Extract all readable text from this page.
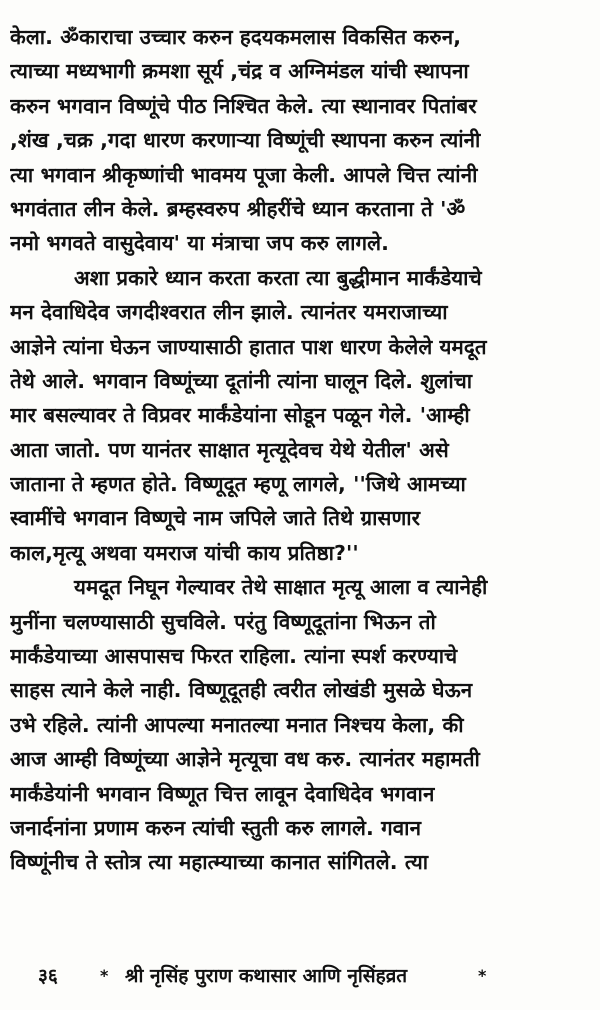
केला. ॐकाराचा उच्चार करुन हदयकमलास विकसित करुन,
त्याच्या मध्यभागी क्रमशा सूर्य ,चंद्र व अग्निमंडल यांची स्थापना
करुन भगवान विष्णूंचे पीठ निश्चित केले. त्या स्थानावर पितांबर
,शंख ,चक्र ,गदा धारण करणाऱ्या विष्णूंची स्थापना करुन त्यांनी
त्या भगवान श्रीकृष्णांची भावमय पूजा केली. आपले चित्त त्यांनी
भगवंतात लीन केले. ब्रम्हस्वरुप श्रीहरींचे ध्यान करताना ते 'ॐ
नमो भगवते वासुदेवाय' या मंत्राचा जप करु लागले.
अशा प्रकारे ध्यान करता करता त्या बुद्धीमान मार्कंडेयाचे
मन देवाधिदेव जगदीश्वरात लीन झाले. त्यानंतर यमराजाच्या
आज्ञेने त्यांना घेऊन जाण्यासाठी हातात पाश धारण केलेले यमदूत
तेथे आले. भगवान विष्णूंच्या दूतांनी त्यांना घालून दिले. शुलांचा
मार बसल्यावर ते विप्रवर मार्कंडेयांना सोडून पळून गेले. 'आम्ही
आता जातो. पण यानंतर साक्षात मृत्यूदेवच येथे येतील' असे
जाताना ते म्हणत होते. विष्णूदूत म्हणू लागले, ''जिथे आमच्या
स्वामींचे भगवान विष्णूचे नाम जपिले जाते तिथे ग्रासणार
काल,मृत्यू अथवा यमराज यांची काय प्रतिष्ठा?''
यमदूत निघून गेल्यावर तेथे साक्षात मृत्यू आला व त्यानेही
मुनींना चलण्यासाठी सुचविले. परंतु विष्णूदूतांना भिऊन तो
मार्कंडेयाच्या आसपासच फिरत राहिला. त्यांना स्पर्श करण्याचे
साहस त्याने केले नाही. विष्णूदूतही त्वरीत लोखंडी मुसळे घेऊन
उभे रहिले. त्यांनी आपल्या मनातल्या मनात निश्चय केला, की
आज आम्ही विष्णूंच्या आज्ञेने मृत्यूचा वध करु. त्यानंतर महामती
मार्कंडेयांनी भगवान विष्णूत चित्त लावून देवाधिदेव भगवान
जनार्दनांना प्रणाम करुन त्यांची स्तुती करु लागले. गवान
विष्णूंनीच ते स्तोत्र त्या महात्म्याच्या कानात सांगितले. त्या
३६	* श्री नृसिंह पुराण कथासार आणि नृसिंहव्रत	*
